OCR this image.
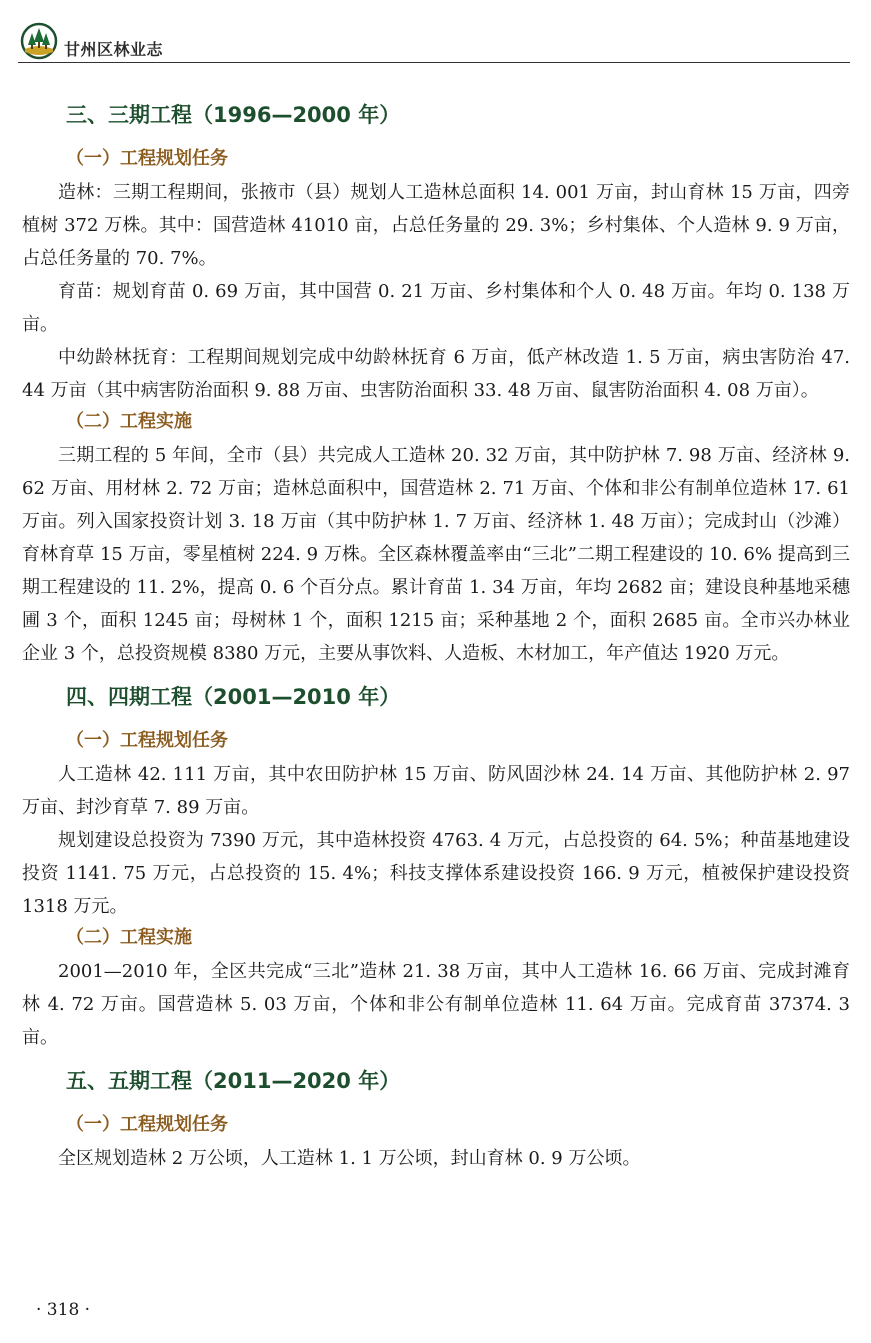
甘州区林业志
三、三期工程（1996—2000 年）
（一）工程规划任务

造林：三期工程期间，张掖市（县）规划人工造林总面积 14. 001 万亩，封山育林 15 万亩，四旁植树 372 万株。其中：国营造林 41010 亩，占总任务量的 29. 3%；乡村集体、个人造林 9. 9 万亩，占总任务量的 70. 7%。

育苗：规划育苗 0. 69 万亩，其中国营 0. 21 万亩、乡村集体和个人 0. 48 万亩。年均 0. 138 万亩。

中幼龄林抚育：工程期间规划完成中幼龄林抚育 6 万亩，低产林改造 1. 5 万亩，病虫害防治 47. 44 万亩（其中病害防治面积 9. 88 万亩、虫害防治面积 33. 48 万亩、鼠害防治面积 4. 08 万亩）。

（二）工程实施

三期工程的 5 年间，全市（县）共完成人工造林 20. 32 万亩，其中防护林 7. 98 万亩、经济林 9. 62 万亩、用材林 2. 72 万亩；造林总面积中，国营造林 2. 71 万亩、个体和非公有制单位造林 17. 61 万亩。列入国家投资计划 3. 18 万亩（其中防护林 1. 7 万亩、经济林 1. 48 万亩）；完成封山（沙滩）育林育草 15 万亩，零星植树 224. 9 万株。全区森林覆盖率由“三北”二期工程建设的 10. 6% 提高到三期工程建设的 11. 2%，提高 0. 6 个百分点。累计育苗 1. 34 万亩，年均 2682 亩；建设良种基地采穗圃 3 个，面积 1245 亩；母树林 1 个，面积 1215 亩；采种基地 2 个，面积 2685 亩。全市兴办林业企业 3 个，总投资规模 8380 万元，主要从事饮料、人造板、木材加工，年产值达 1920 万元。

四、四期工程（2001—2010 年）
（一）工程规划任务

人工造林 42. 111 万亩，其中农田防护林 15 万亩、防风固沙林 24. 14 万亩、其他防护林 2. 97 万亩、封沙育草 7. 89 万亩。

规划建设总投资为 7390 万元，其中造林投资 4763. 4 万元，占总投资的 64. 5%；种苗基地建设投资 1141. 75 万元，占总投资的 15. 4%；科技支撑体系建设投资 166. 9 万元，植被保护建设投资 1318 万元。

（二）工程实施

2001—2010 年，全区共完成“三北”造林 21. 38 万亩，其中人工造林 16. 66 万亩、完成封滩育林 4. 72 万亩。国营造林 5. 03 万亩，个体和非公有制单位造林 11. 64 万亩。完成育苗 37374. 3 亩。

五、五期工程（2011—2020 年）
（一）工程规划任务

全区规划造林 2 万公顷，人工造林 1. 1 万公顷，封山育林 0. 9 万公顷。

· 318 ·
